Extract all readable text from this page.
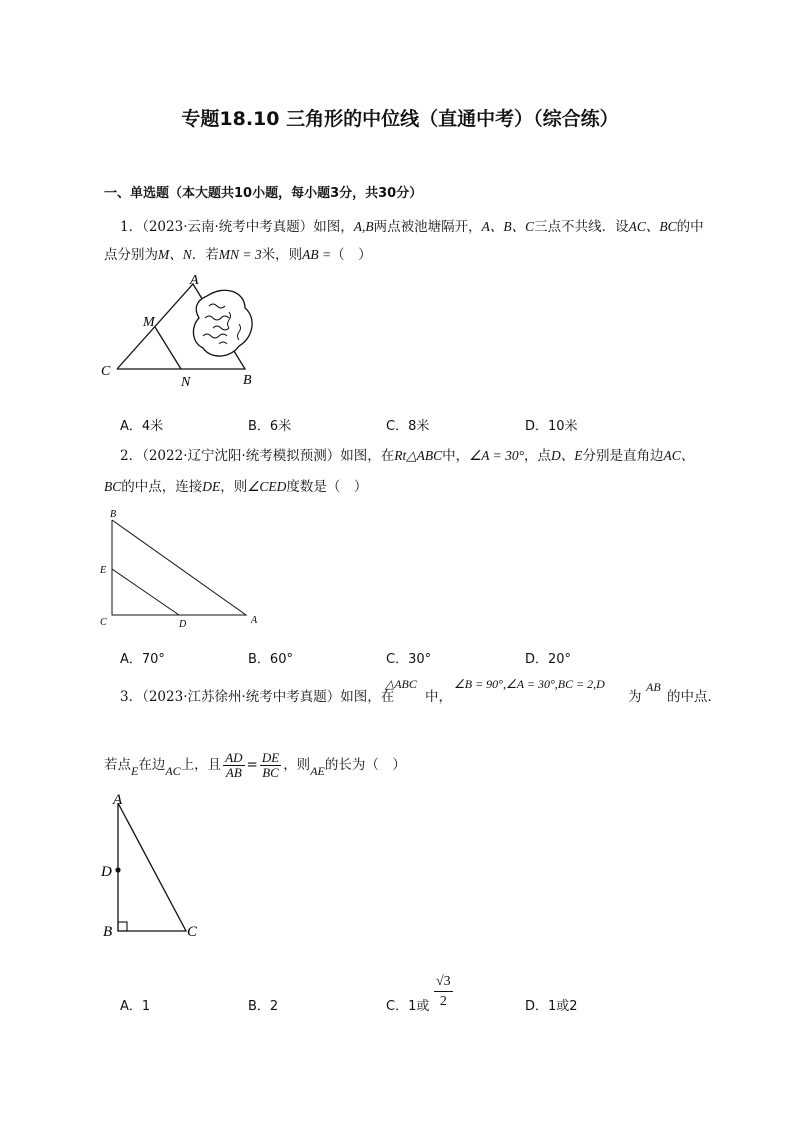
专题18.10 三角形的中位线（直通中考）（综合练）
一、单选题（本大题共10小题，每小题3分，共30分）
1．（2023·云南·统考中考真题）如图，A,B两点被池塘隔开，A、B、C三点不共线．设AC、BC的中
点分别为M、N．若MN = 3米，则AB =（　）
A
M
C
N	B
A．4米	B．6米	C．8米	D．10米
2．（2022·辽宁沈阳·统考模拟预测）如图，在Rt△ABC中，∠A = 30°，点D、E分别是直角边AC、
BC的中点，连接DE，则∠CED度数是（　）
B
E
C	D	A
A．70°	B．60°	C．30°	D．20°
3．（2023·江苏徐州·统考中考真题）如图，在
△ABC
中，
∠B = 90°,∠A = 30°,BC = 2,D
为
AB
的中点．
若点E在边AC上，且 $\frac{AD}{AB} = \frac{DE}{BC}$ ，则AE的长为（　）
A
D
B	C
A．1	B．2	C．1或 $\frac{√3}{2}$	D．1或2
